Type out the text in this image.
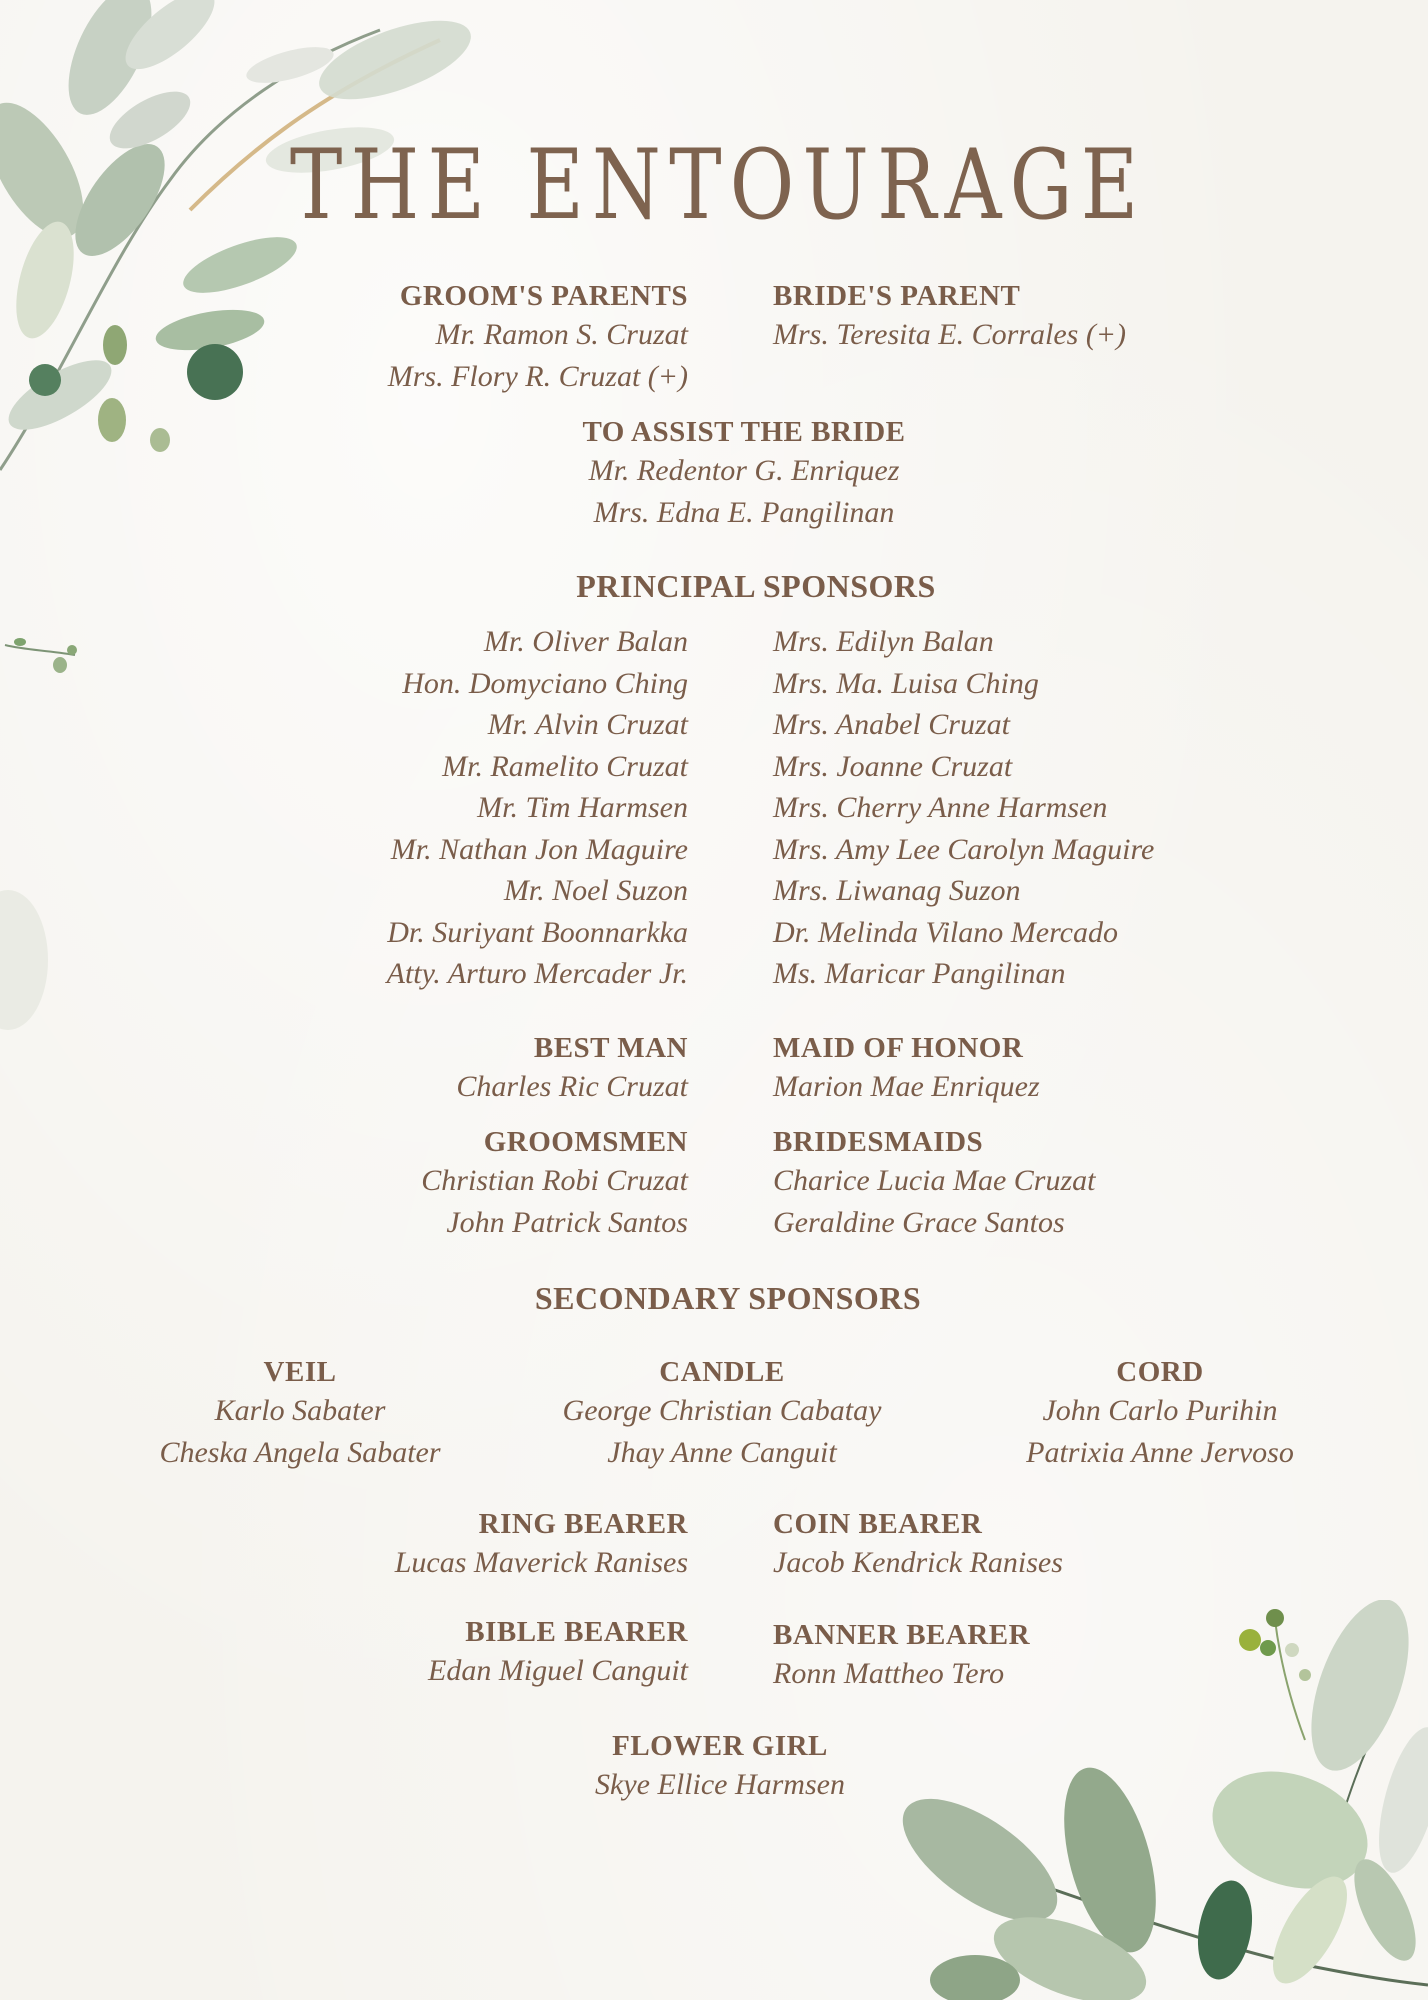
THE ENTOURAGE
GROOM'S PARENTS
Mr. Ramon S. Cruzat
Mrs. Flory R. Cruzat (+)
BRIDE'S PARENT
Mrs. Teresita E. Corrales (+)
TO ASSIST THE BRIDE
Mr. Redentor G. Enriquez
Mrs. Edna E. Pangilinan
PRINCIPAL SPONSORS
Mr. Oliver Balan
Hon. Domyciano Ching
Mr. Alvin Cruzat
Mr. Ramelito Cruzat
Mr. Tim Harmsen
Mr. Nathan Jon Maguire
Mr. Noel Suzon
Dr. Suriyant Boonnarkka
Atty. Arturo Mercader Jr.
Mrs. Edilyn Balan
Mrs. Ma. Luisa Ching
Mrs. Anabel Cruzat
Mrs. Joanne Cruzat
Mrs. Cherry Anne Harmsen
Mrs. Amy Lee Carolyn Maguire
Mrs. Liwanag Suzon
Dr. Melinda Vilano Mercado
Ms. Maricar Pangilinan
BEST MAN
Charles Ric Cruzat
MAID OF HONOR
Marion Mae Enriquez
GROOMSMEN
Christian Robi Cruzat
John Patrick Santos
BRIDESMAIDS
Charice Lucia Mae Cruzat
Geraldine Grace Santos
SECONDARY SPONSORS
VEIL
Karlo Sabater
Cheska Angela Sabater
CANDLE
George Christian Cabatay
Jhay Anne Canguit
CORD
John Carlo Purihin
Patrixia Anne Jervoso
RING BEARER
Lucas Maverick Ranises
COIN BEARER
Jacob Kendrick Ranises
BIBLE BEARER
Edan Miguel Canguit
BANNER BEARER
Ronn Mattheo Tero
FLOWER GIRL
Skye Ellice Harmsen
